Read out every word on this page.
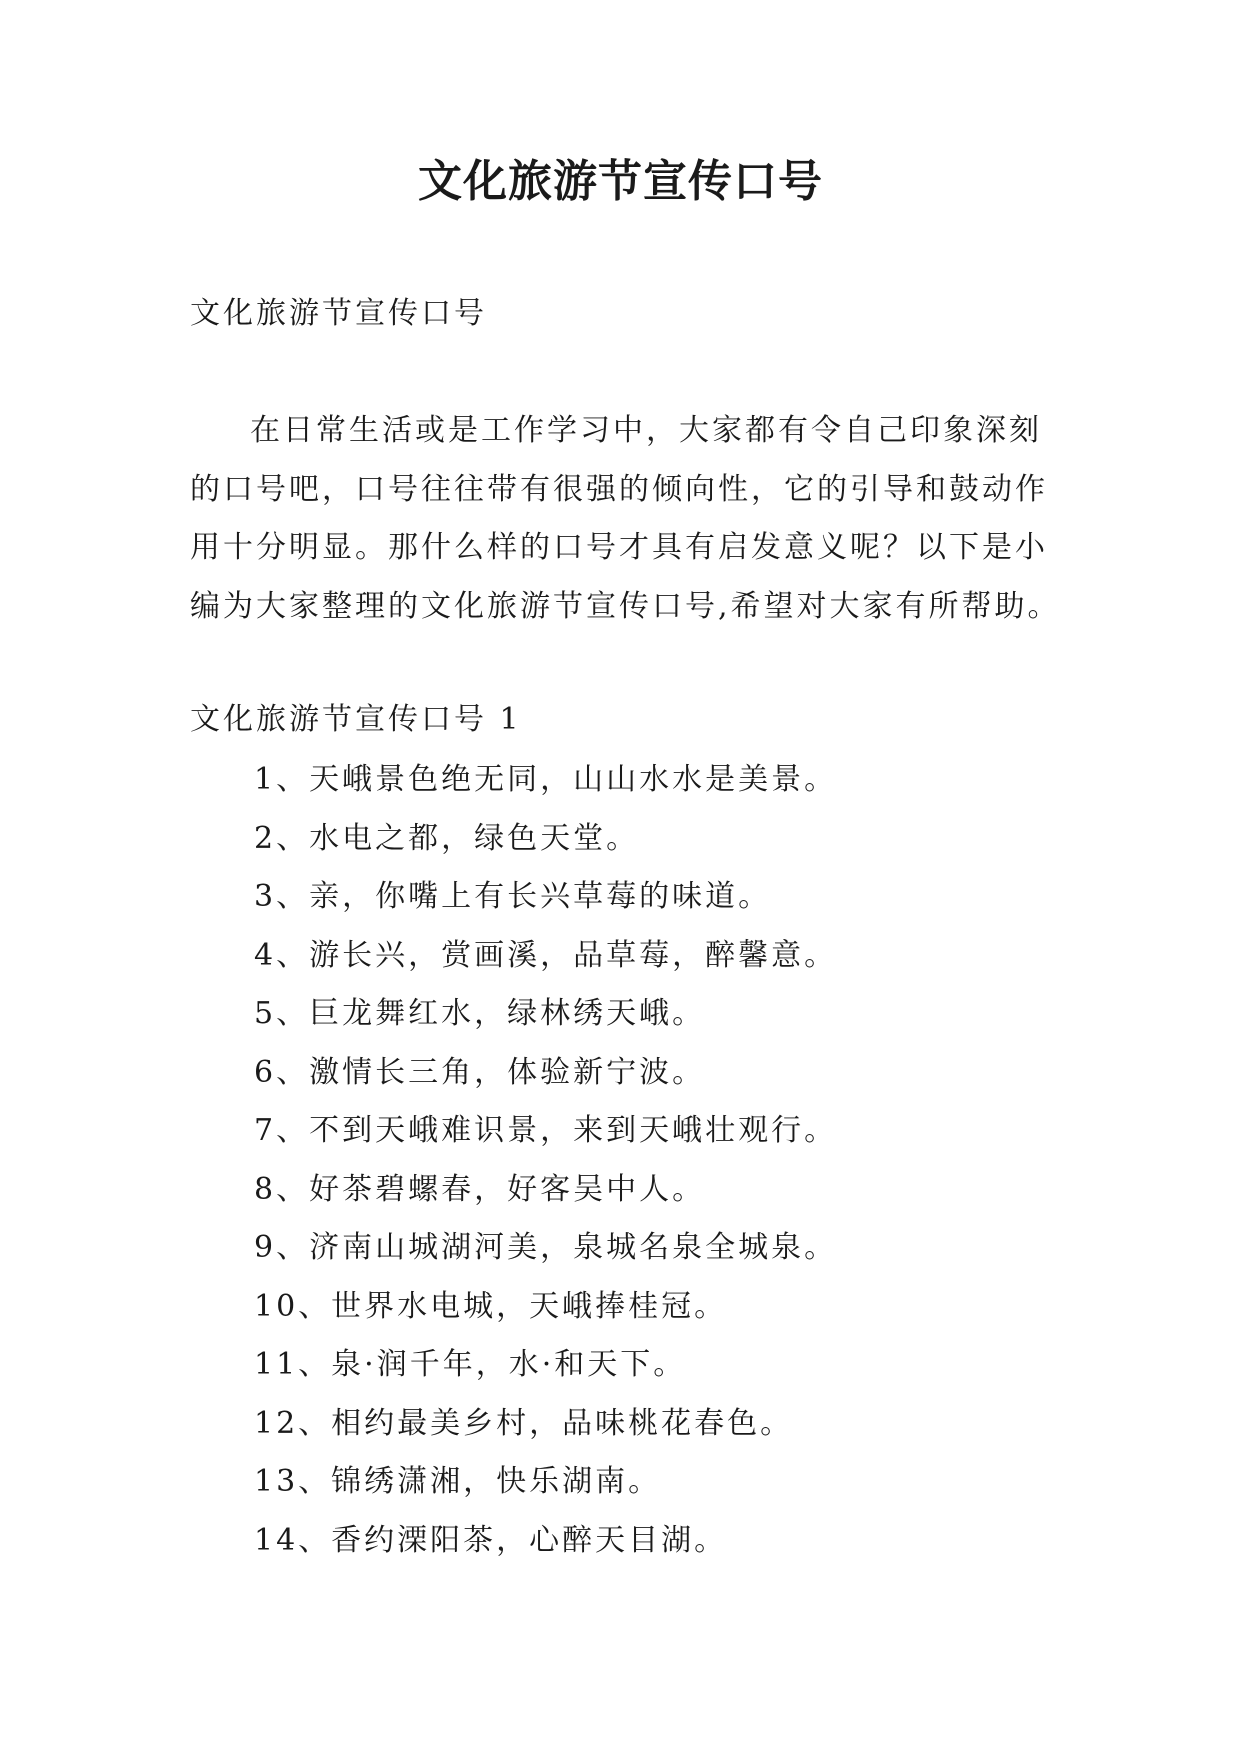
文化旅游节宣传口号
文化旅游节宣传口号
在日常生活或是工作学习中，大家都有令自己印象深刻
的口号吧，口号往往带有很强的倾向性，它的引导和鼓动作
用十分明显。那什么样的口号才具有启发意义呢？以下是小
编为大家整理的文化旅游节宣传口号,希望对大家有所帮助。
文化旅游节宣传口号 1
1、天峨景色绝无同，山山水水是美景。
2、水电之都，绿色天堂。
3、亲，你嘴上有长兴草莓的味道。
4、游长兴，赏画溪，品草莓，醉馨意。
5、巨龙舞红水，绿林绣天峨。
6、激情长三角，体验新宁波。
7、不到天峨难识景，来到天峨壮观行。
8、好茶碧螺春，好客吴中人。
9、济南山城湖河美，泉城名泉全城泉。
10、世界水电城，天峨捧桂冠。
11、泉·润千年，水·和天下。
12、相约最美乡村，品味桃花春色。
13、锦绣潇湘，快乐湖南。
14、香约溧阳茶，心醉天目湖。
